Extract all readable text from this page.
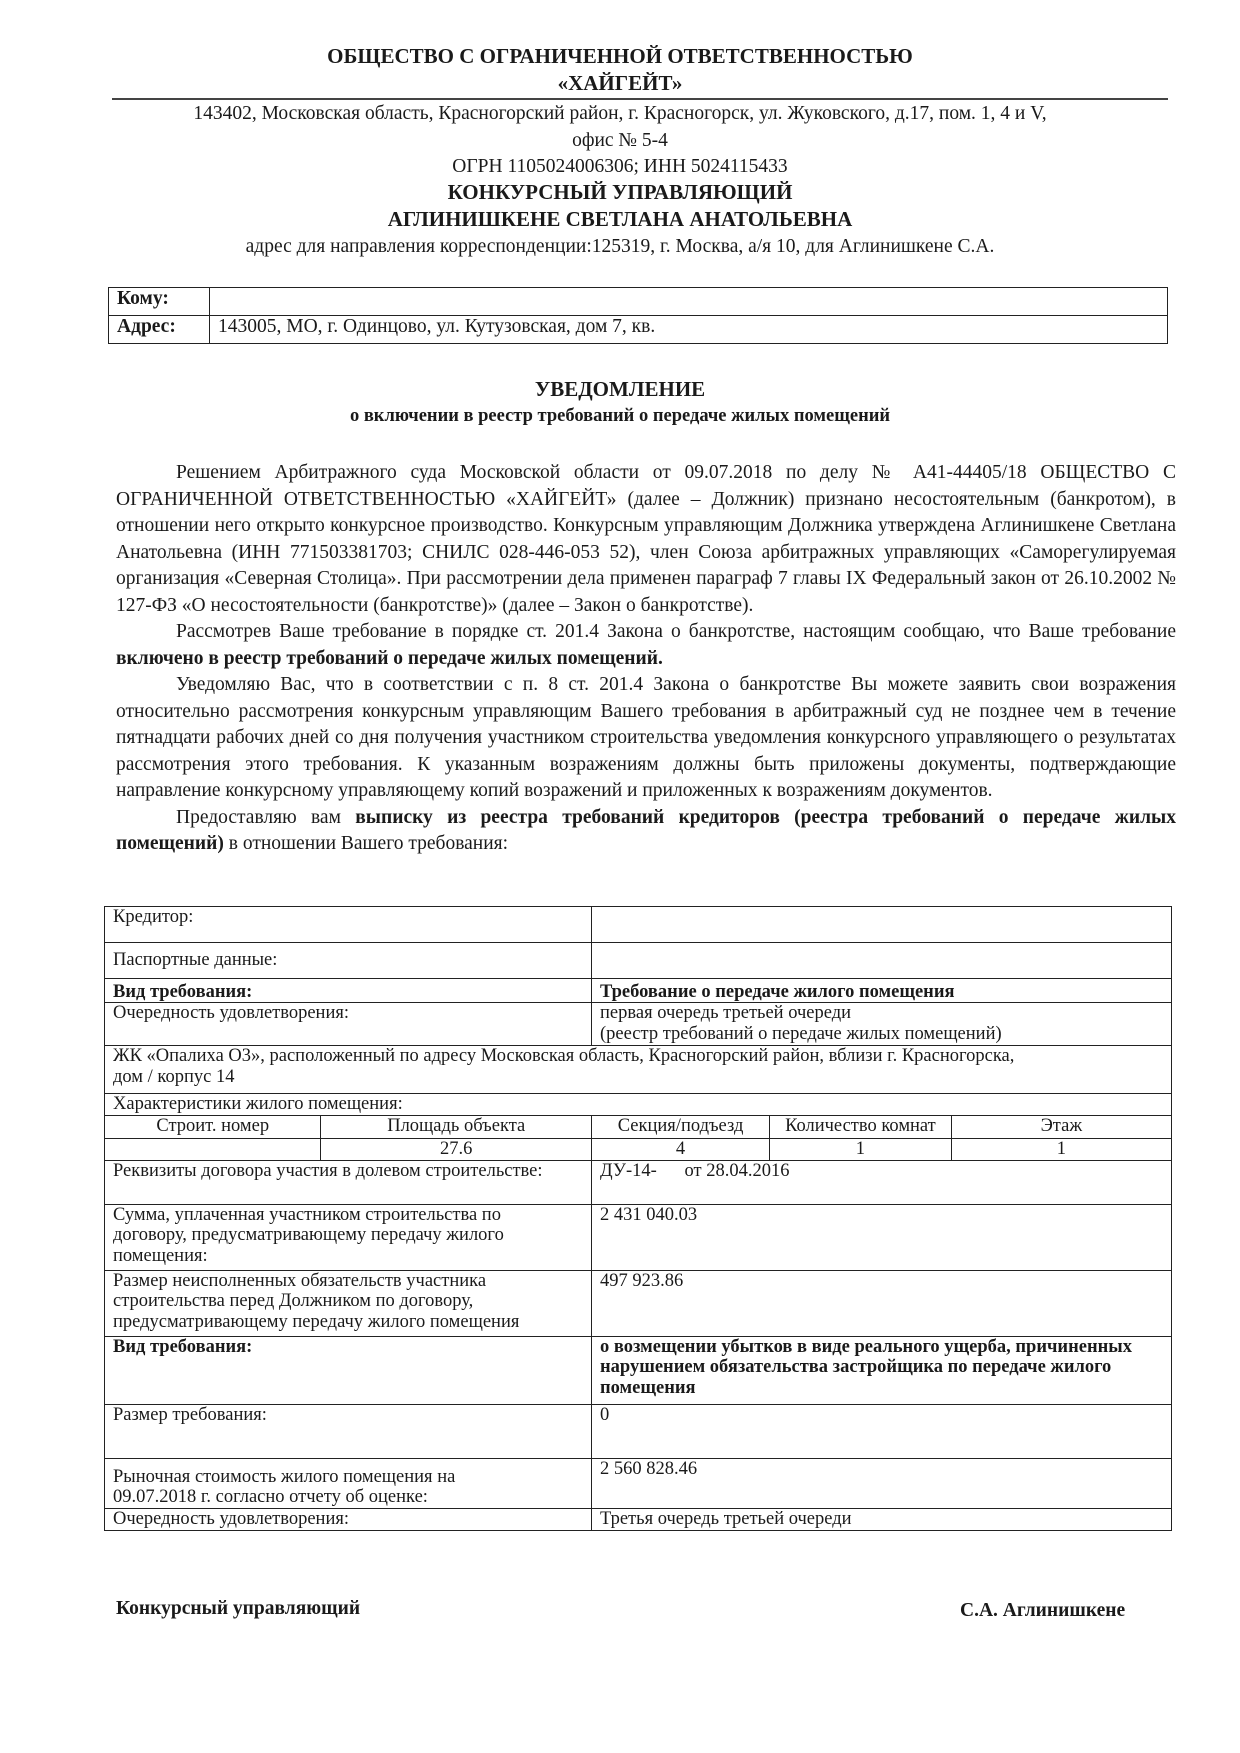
ОБЩЕСТВО С ОГРАНИЧЕННОЙ ОТВЕТСТВЕННОСТЬЮ
«ХАЙГЕЙТ»
143402, Московская область, Красногорский район, г. Красногорск, ул. Жуковского, д.17, пом. 1, 4 и V,
офис № 5-4
ОГРН 1105024006306; ИНН 5024115433
КОНКУРСНЫЙ УПРАВЛЯЮЩИЙ
АГЛИНИШКЕНЕ СВЕТЛАНА АНАТОЛЬЕВНА
адрес для направления корреспонденции:125319, г. Москва, а/я 10, для Аглинишкене С.А.
Кому:	
Адрес:	143005, МО, г. Одинцово, ул. Кутузовская, дом 7, кв.
УВЕДОМЛЕНИЕ
о включении в реестр требований о передаче жилых помещений

Решением Арбитражного суда Московской области от 09.07.2018 по делу № А41-44405/18 ОБЩЕСТВО С ОГРАНИЧЕННОЙ ОТВЕТСТВЕННОСТЬЮ «ХАЙГЕЙТ» (далее – Должник) признано несостоятельным (банкротом), в отношении него открыто конкурсное производство. Конкурсным управляющим Должника утверждена Аглинишкене Светлана Анатольевна (ИНН 771503381703; СНИЛС 028-446-053 52), член Союза арбитражных управляющих «Саморегулируемая организация «Северная Столица». При рассмотрении дела применен параграф 7 главы IX Федеральный закон от 26.10.2002 № 127-ФЗ «О несостоятельности (банкротстве)» (далее – Закон о банкротстве).

Рассмотрев Ваше требование в порядке ст. 201.4 Закона о банкротстве, настоящим сообщаю, что Ваше требование включено в реестр требований о передаче жилых помещений.

Уведомляю Вас, что в соответствии с п. 8 ст. 201.4 Закона о банкротстве Вы можете заявить свои возражения относительно рассмотрения конкурсным управляющим Вашего требования в арбитражный суд не позднее чем в течение пятнадцати рабочих дней со дня получения участником строительства уведомления конкурсного управляющего о результатах рассмотрения этого требования. К указанным возражениям должны быть приложены документы, подтверждающие направление конкурсному управляющему копий возражений и приложенных к возражениям документов.

Предоставляю вам выписку из реестра требований кредиторов (реестра требований о передаче жилых помещений) в отношении Вашего требования:

Кредитор:				
Паспортные данные:				
Вид требования:		Требование о передаче жилого помещения		
Очередность удовлетворения:		первая очередь третьей очереди
(реестр требований о передаче жилых помещений)		

ЖК «Опалиха О3», расположенный по адресу Московская область, Красногорский район, вблизи г. Красногорска,
дом / корпус 14				

Характеристики жилого помещения:				
Строит. номер	Площадь объекта	Секция/подъезд	Количество комнат	Этаж
	27.6	4	1	1

Реквизиты договора участия в долевом строительстве:		ДУ-14-      от 28.04.2016		

Сумма, уплаченная участником строительства по договору, предусматривающему передачу жилого помещения:		2 431 040.03		

Размер неисполненных обязательств участника строительства перед Должником по договору, предусматривающему передачу жилого помещения		497 923.86		
Вид требования:		о возмещении убытков в виде реального ущерба, причиненных нарушением обязательства застройщика по передаче жилого помещения		
Размер требования:		0		

Рыночная стоимость жилого помещения на 09.07.2018 г. согласно отчету об оценке:		2 560 828.46		
Очередность удовлетворения:		Третья очередь третьей очереди		
Конкурсный управляющий	С.А. Аглинишкене
